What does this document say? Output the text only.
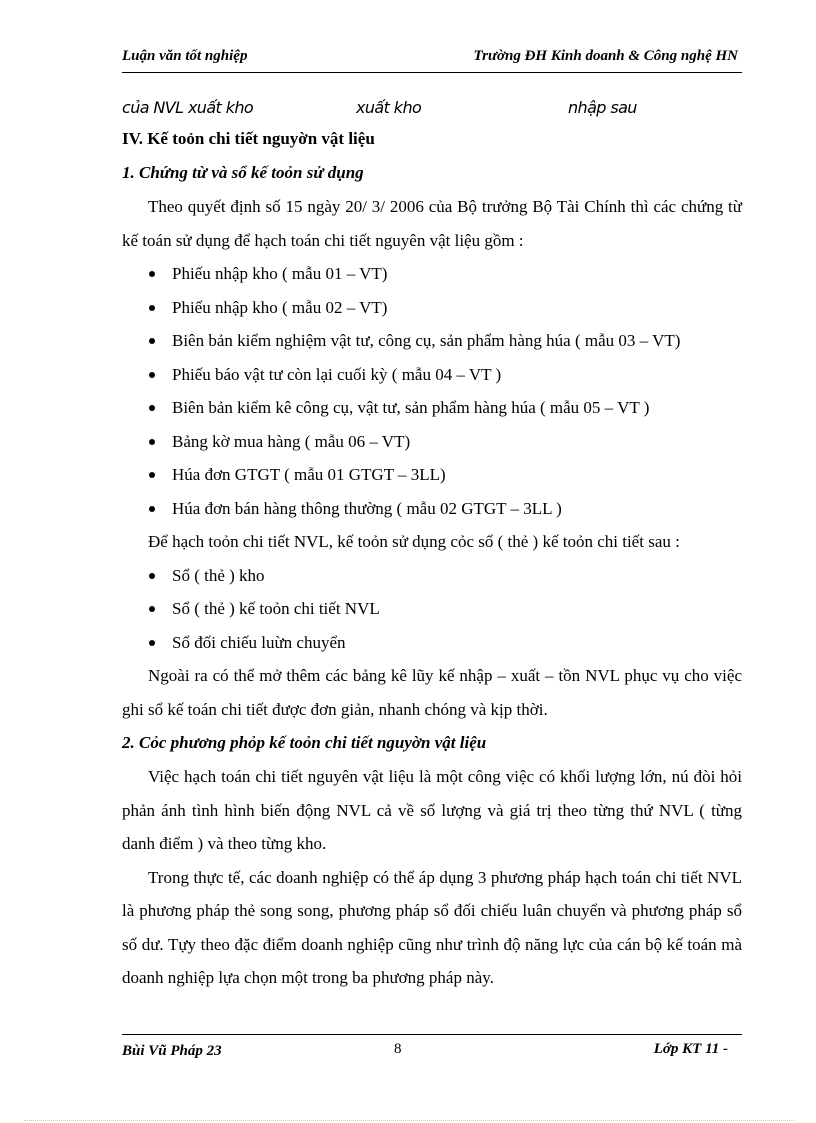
Luận văn tốt nghiệp	Trường ĐH Kinh doanh & Công nghệ HN
của NVL xuất kho	xuất kho	nhập sau
IV. Kế toỏn chi tiết nguyờn vật liệu
1. Chứng từ và sổ kế toỏn sử dụng

Theo quyết định số 15 ngày 20/ 3/ 2006 của Bộ trưởng Bộ Tài Chính thì các chứng từ kế toán sử dụng để hạch toán chi tiết nguyên vật liệu gồm :

Phiếu nhập kho ( mẫu 01 – VT)
Phiếu nhập kho ( mẫu 02 – VT)
Biên bản kiểm nghiệm vật tư, công cụ, sản phẩm hàng húa ( mẫu 03 – VT)
Phiếu báo vật tư còn lại cuối kỳ ( mẫu 04 – VT )
Biên bản kiểm kê công cụ, vật tư, sản phẩm hàng húa ( mẫu 05 – VT )
Bảng kờ mua hàng ( mẫu 06 – VT)
Húa đơn GTGT ( mẫu 01 GTGT – 3LL)
Húa đơn bán hàng thông thường ( mẫu 02 GTGT – 3LL )

Để hạch toỏn chi tiết NVL, kế toỏn sử dụng cỏc sổ ( thẻ ) kế toỏn chi tiết sau :

Sổ ( thẻ ) kho
Sổ ( thẻ ) kế toỏn chi tiết NVL
Sổ đối chiếu luừn chuyển

Ngoài ra có thể mở thêm các bảng kê lũy kế nhập – xuất – tồn NVL phục vụ cho việc ghi sổ kế toán chi tiết được đơn giản, nhanh chóng và kịp thời.

2. Cỏc phương phỏp kế toỏn chi tiết nguyờn vật liệu

Việc hạch toán chi tiết nguyên vật liệu là một công việc có khối lượng lớn, nú đòi hỏi phản ánh tình hình biến động NVL cả về số lượng và giá trị theo từng thứ NVL ( từng danh điểm ) và theo từng kho.

Trong thực tế, các doanh nghiệp có thể áp dụng 3 phương pháp hạch toán chi tiết NVL là phương pháp thẻ song song, phương pháp sổ đối chiếu luân chuyển và phương pháp sổ số dư. Tựy theo đặc điểm doanh nghiệp cũng như trình độ năng lực của cán bộ kế toán mà doanh nghiệp lựa chọn một trong ba phương pháp này.

Bùi Vũ Pháp 23	8	Lớp KT 11 -
